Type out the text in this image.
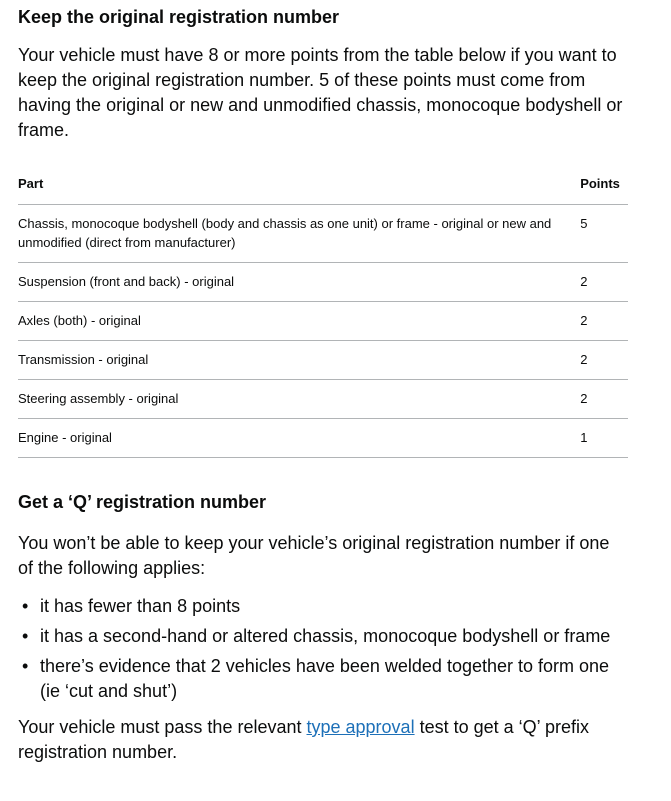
Keep the original registration number

Your vehicle must have 8 or more points from the table below if you want to keep the original registration number. 5 of these points must come from having the original or new and unmodified chassis, monocoque bodyshell or frame.

Part	Points
Chassis, monocoque bodyshell (body and chassis as one unit) or frame - original or new and unmodified (direct from manufacturer)	5
Suspension (front and back) - original	2
Axles (both) - original	2
Transmission - original	2
Steering assembly - original	2
Engine - original	1
Get a ‘Q’ registration number

You won’t be able to keep your vehicle’s original registration number if one of the following applies:

• it has fewer than 8 points
• it has a second-hand or altered chassis, monocoque bodyshell or frame
• there’s evidence that 2 vehicles have been welded together to form one (ie ‘cut and shut’)

Your vehicle must pass the relevant type approval test to get a ‘Q’ prefix registration number.
